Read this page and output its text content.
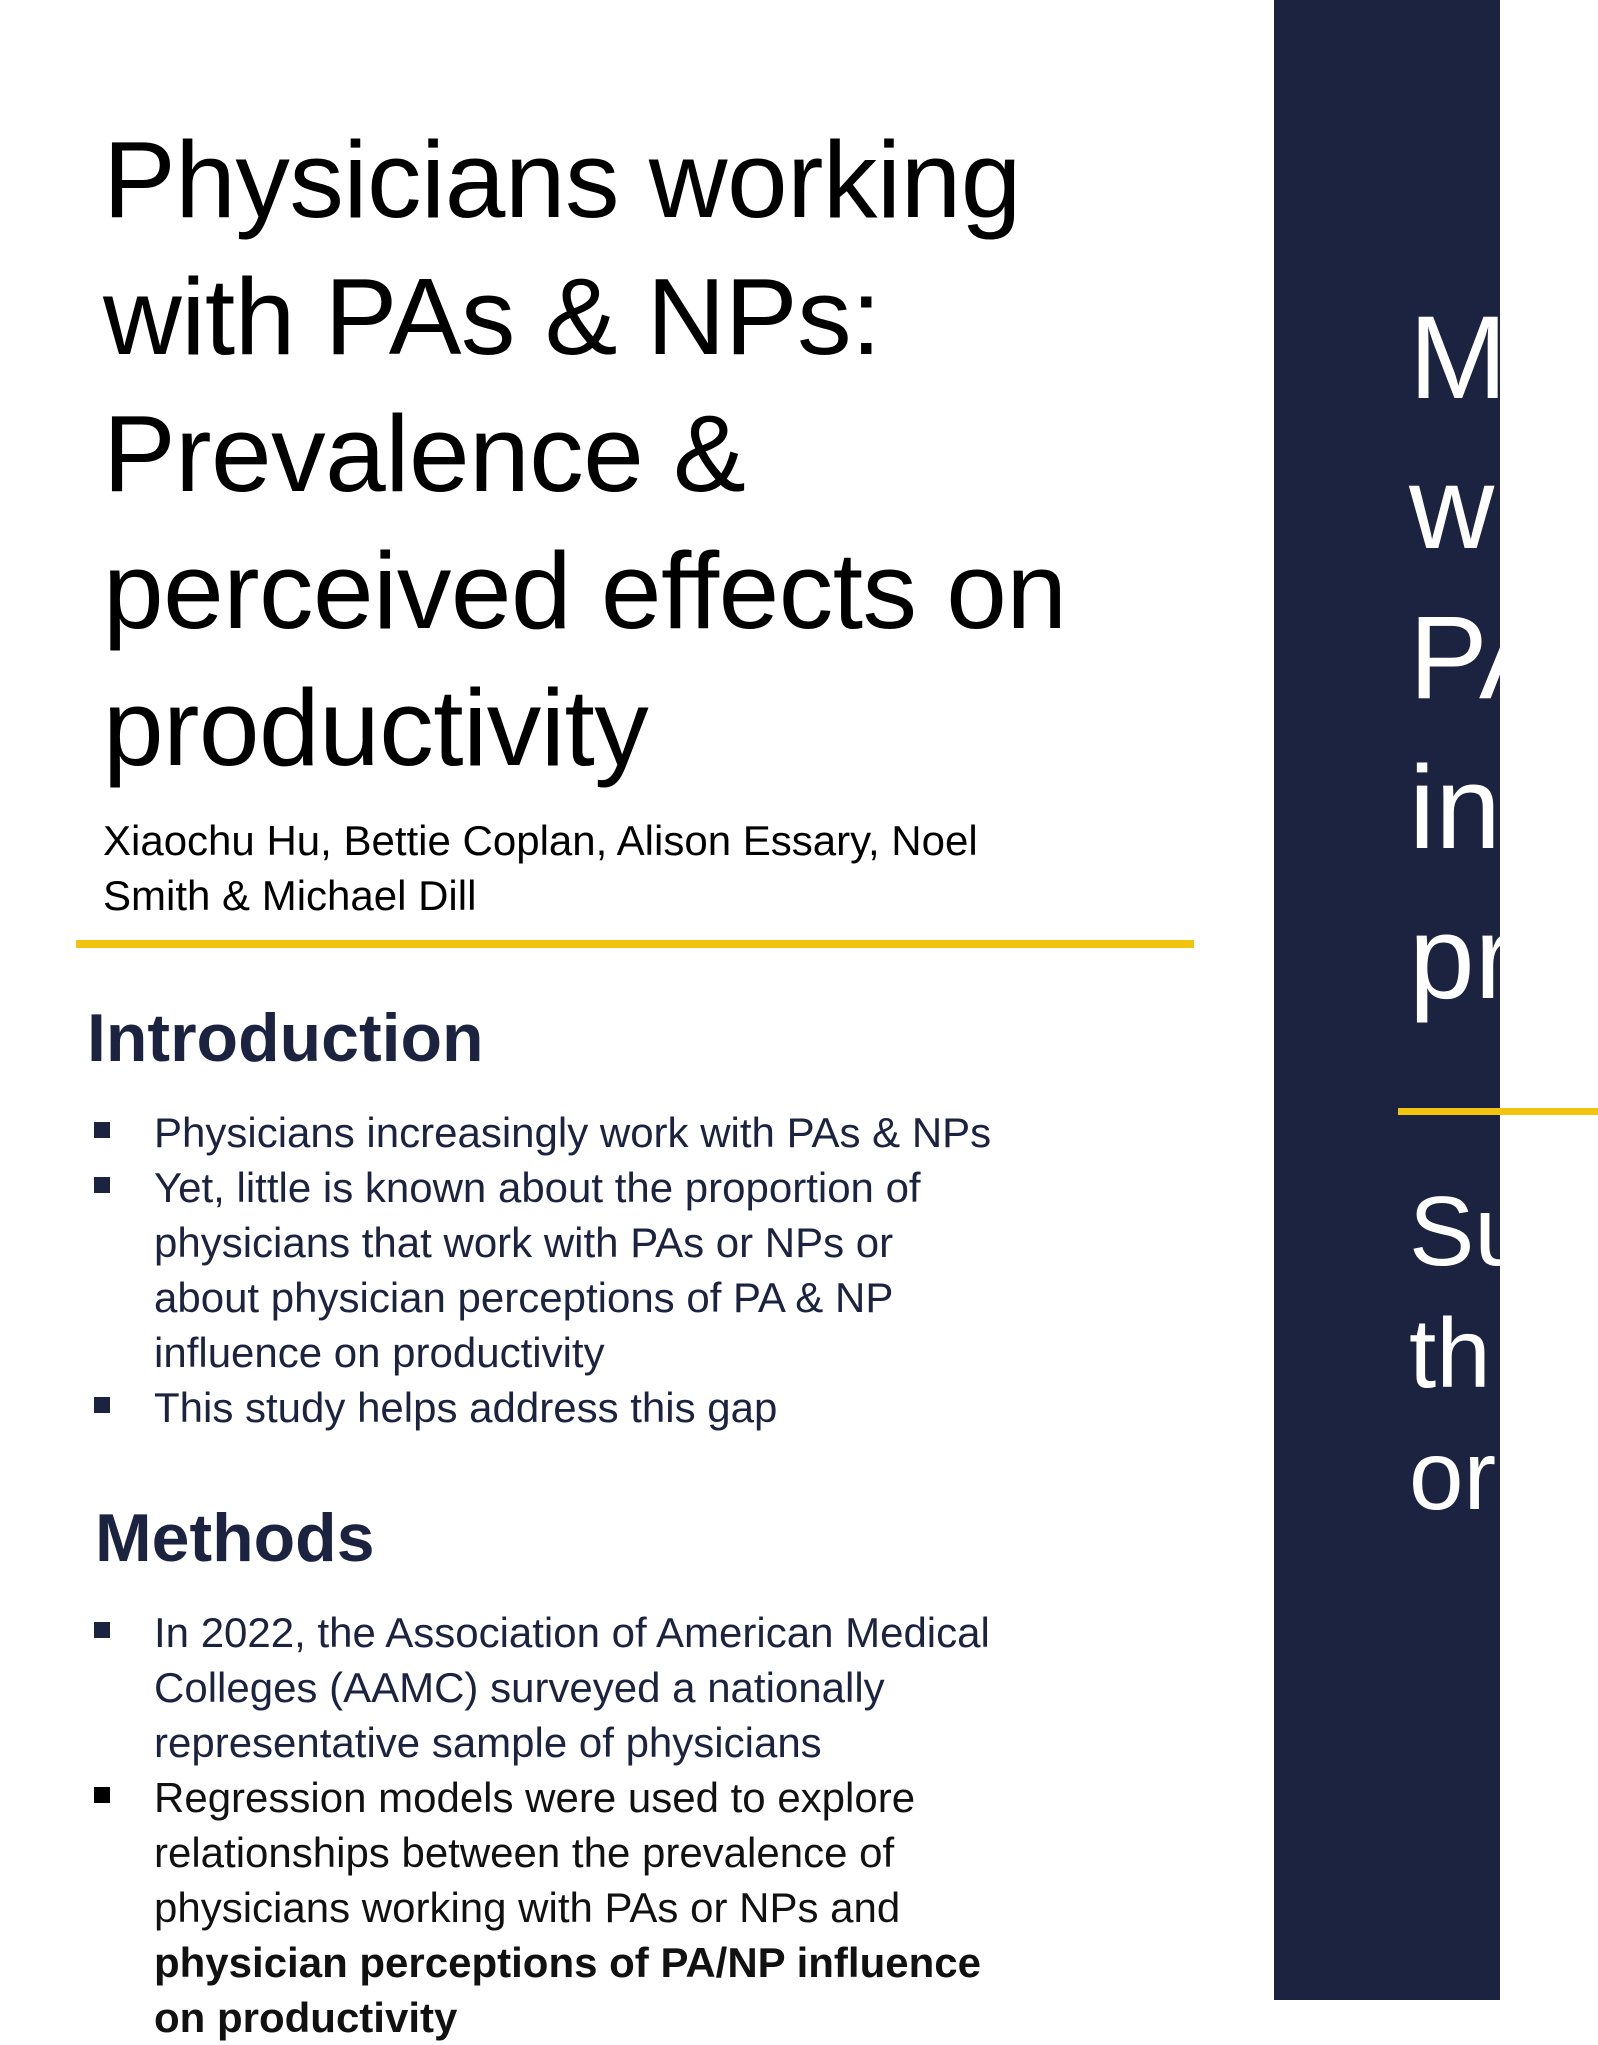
Physicians working
with PAs & NPs:
Prevalence &
perceived effects on
productivity

Xiaochu Hu, Bettie Coplan, Alison Essary, Noel
Smith & Michael Dill

Introduction
Physicians increasingly work with PAs & NPs
Yet, little is known about the proportion of
physicians that work with PAs or NPs or
about physician perceptions of PA & NP
influence on productivity
This study helps address this gap
Methods
In 2022, the Association of American Medical
Colleges (AAMC) surveyed a nationally
representative sample of physicians
Regression models were used to explore
relationships between the prevalence of
physicians working with PAs or NPs and
physician perceptions of PA/NP influence
on productivity

M
w
PA
in
pr

Su
th
or
